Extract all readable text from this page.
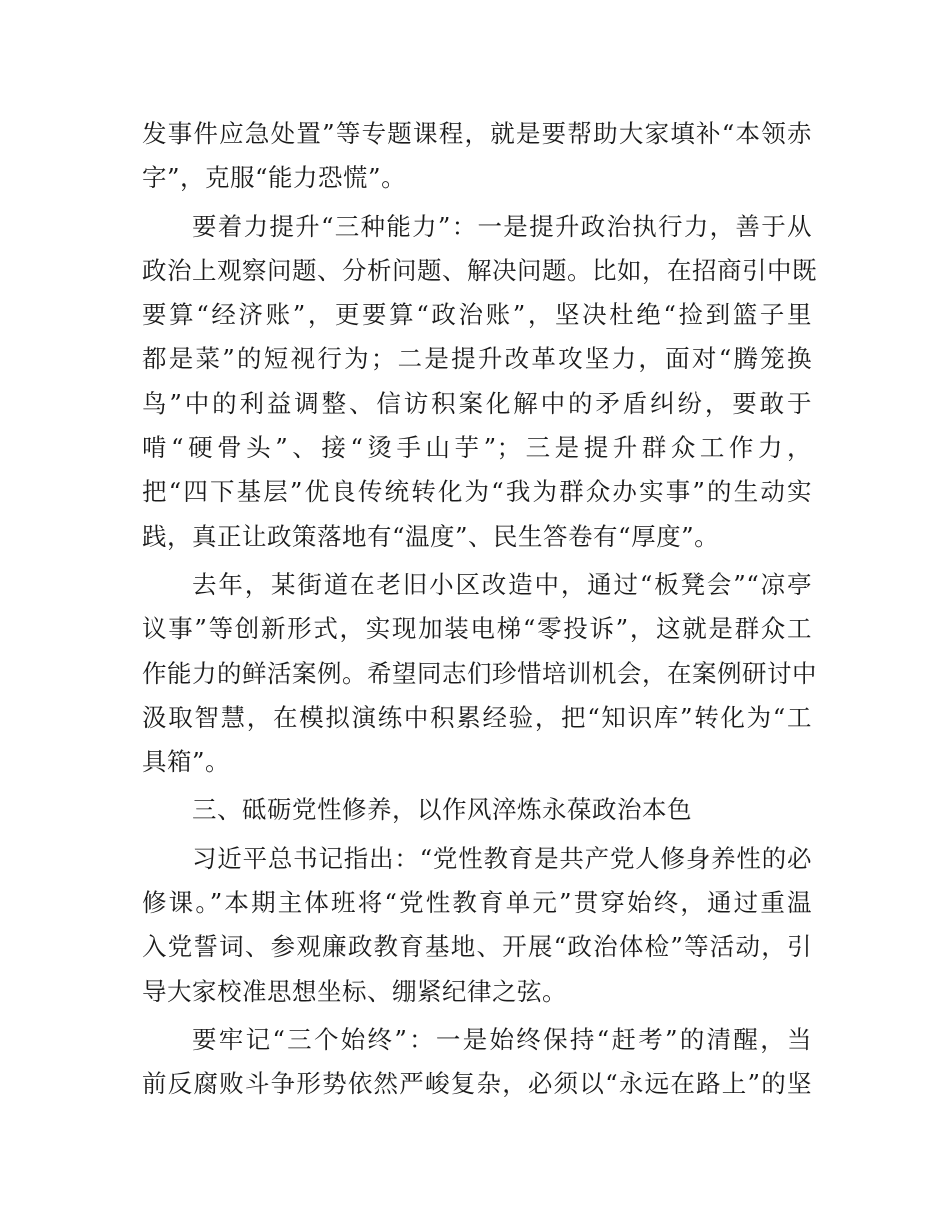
发事件应急处置”等专题课程，就是要帮助大家填补“本领赤
字”，克服“能力恐慌”。

要着力提升“三种能力”：一是提升政治执行力，善于从
政治上观察问题、分析问题、解决问题。比如，在招商引中既
要算“经济账”，更要算“政治账”，坚决杜绝“捡到篮子里
都是菜”的短视行为；二是提升改革攻坚力，面对“腾笼换
鸟”中的利益调整、信访积案化解中的矛盾纠纷，要敢于
啃“硬骨头”、接“烫手山芋”；三是提升群众工作力，
把“四下基层”优良传统转化为“我为群众办实事”的生动实
践，真正让政策落地有“温度”、民生答卷有“厚度”。

去年，某街道在老旧小区改造中，通过“板凳会”“凉亭
议事”等创新形式，实现加装电梯“零投诉”，这就是群众工
作能力的鲜活案例。希望同志们珍惜培训机会，在案例研讨中
汲取智慧，在模拟演练中积累经验，把“知识库”转化为“工
具箱”。

三、砥砺党性修养，以作风淬炼永葆政治本色

习近平总书记指出：“党性教育是共产党人修身养性的必
修课。”本期主体班将“党性教育单元”贯穿始终，通过重温
入党誓词、参观廉政教育基地、开展“政治体检”等活动，引
导大家校准思想坐标、绷紧纪律之弦。

要牢记“三个始终”：一是始终保持“赶考”的清醒，当
前反腐败斗争形势依然严峻复杂，必须以“永远在路上”的坚
